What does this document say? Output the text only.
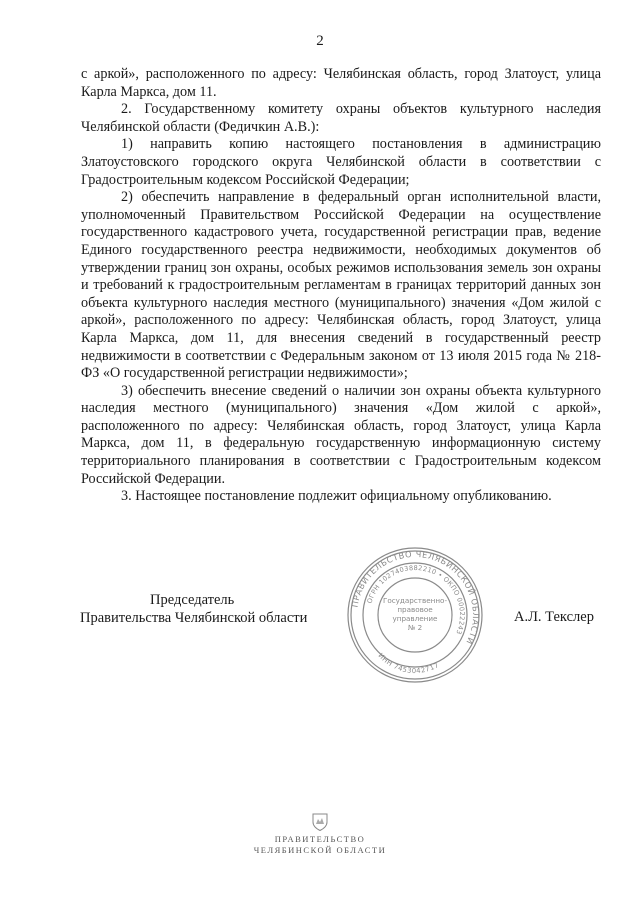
2

с аркой», расположенного по адресу: Челябинская область, город Златоуст, улица Карла Маркса, дом 11.

2. Государственному комитету охраны объектов культурного наследия Челябинской области (Федичкин А.В.):

1) направить копию настоящего постановления в администрацию Златоустовского городского округа Челябинской области в соответствии с Градостроительным кодексом Российской Федерации;

2) обеспечить направление в федеральный орган исполнительной власти, уполномоченный Правительством Российской Федерации на осуществление государственного кадастрового учета, государственной регистрации прав, ведение Единого государственного реестра недвижимости, необходимых документов об утверждении границ зон охраны, особых режимов использования земель зон охраны и требований к градостроительным регламентам в границах территорий данных зон объекта культурного наследия местного (муниципального) значения «Дом жилой с аркой», расположенного по адресу: Челябинская область, город Златоуст, улица Карла Маркса, дом 11, для внесения сведений в государственный реестр недвижимости в соответствии с Федеральным законом от 13 июля 2015 года № 218-ФЗ «О государственной регистрации недвижимости»;

3) обеспечить внесение сведений о наличии зон охраны объекта культурного наследия местного (муниципального) значения «Дом жилой с аркой», расположенного по адресу: Челябинская область, город Златоуст, улица Карла Маркса, дом 11, в федеральную государственную информационную систему территориального планирования в соответствии с Градостроительным кодексом Российской Федерации.

3. Настоящее постановление подлежит официальному опубликованию.

Председатель
Правительства Челябинской области	А.Л. Текслер
ПРАВИТЕЛЬСТВО ЧЕЛЯБИНСКОЙ ОБЛАСТИ
ОГРН 1027403882210 • ОКПО 00022243
ИНН 7453042717
Государственно-
правовое
управление
№ 2
ПРАВИТЕЛЬСТВО
ЧЕЛЯБИНСКОЙ ОБЛАСТИ
